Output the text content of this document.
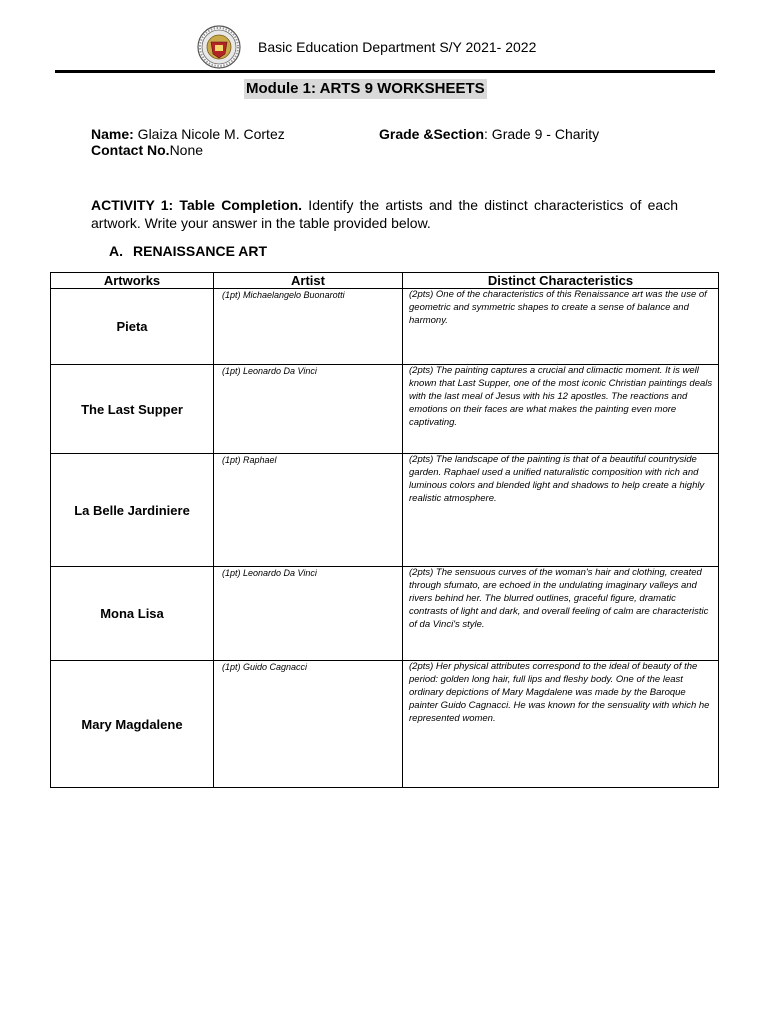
Basic Education Department S/Y 2021- 2022
Module 1: ARTS 9 WORKSHEETS
Name: Glaiza Nicole M. Cortez	Grade &Section: Grade 9 - Charity
Contact No.None
ACTIVITY 1: Table Completion. Identify the artists and the distinct characteristics of each artwork. Write your answer in the table provided below.
A. RENAISSANCE ART
Artworks	Artist	Distinct Characteristics
Pieta	(1pt) Michaelangelo Buonarotti	(2pts) One of the characteristics of this Renaissance art was the use of geometric and symmetric shapes to create a sense of balance and harmony.
The Last Supper	(1pt) Leonardo Da Vinci	(2pts) The painting captures a crucial and climactic moment. It is well known that Last Supper, one of the most iconic Christian paintings deals with the last meal of Jesus with his 12 apostles. The reactions and emotions on their faces are what makes the painting even more captivating.
La Belle Jardiniere	(1pt) Raphael	(2pts) The landscape of the painting is that of a beautiful countryside garden. Raphael used a unified naturalistic composition with rich and luminous colors and blended light and shadows to help create a highly realistic atmosphere.
Mona Lisa	(1pt) Leonardo Da Vinci	(2pts) The sensuous curves of the woman's hair and clothing, created through sfumato, are echoed in the undulating imaginary valleys and rivers behind her. The blurred outlines, graceful figure, dramatic contrasts of light and dark, and overall feeling of calm are characteristic of da Vinci's style.
Mary Magdalene	(1pt) Guido Cagnacci	(2pts) Her physical attributes correspond to the ideal of beauty of the period: golden long hair, full lips and fleshy body. One of the least ordinary depictions of Mary Magdalene was made by the Baroque painter Guido Cagnacci. He was known for the sensuality with which he represented women.
